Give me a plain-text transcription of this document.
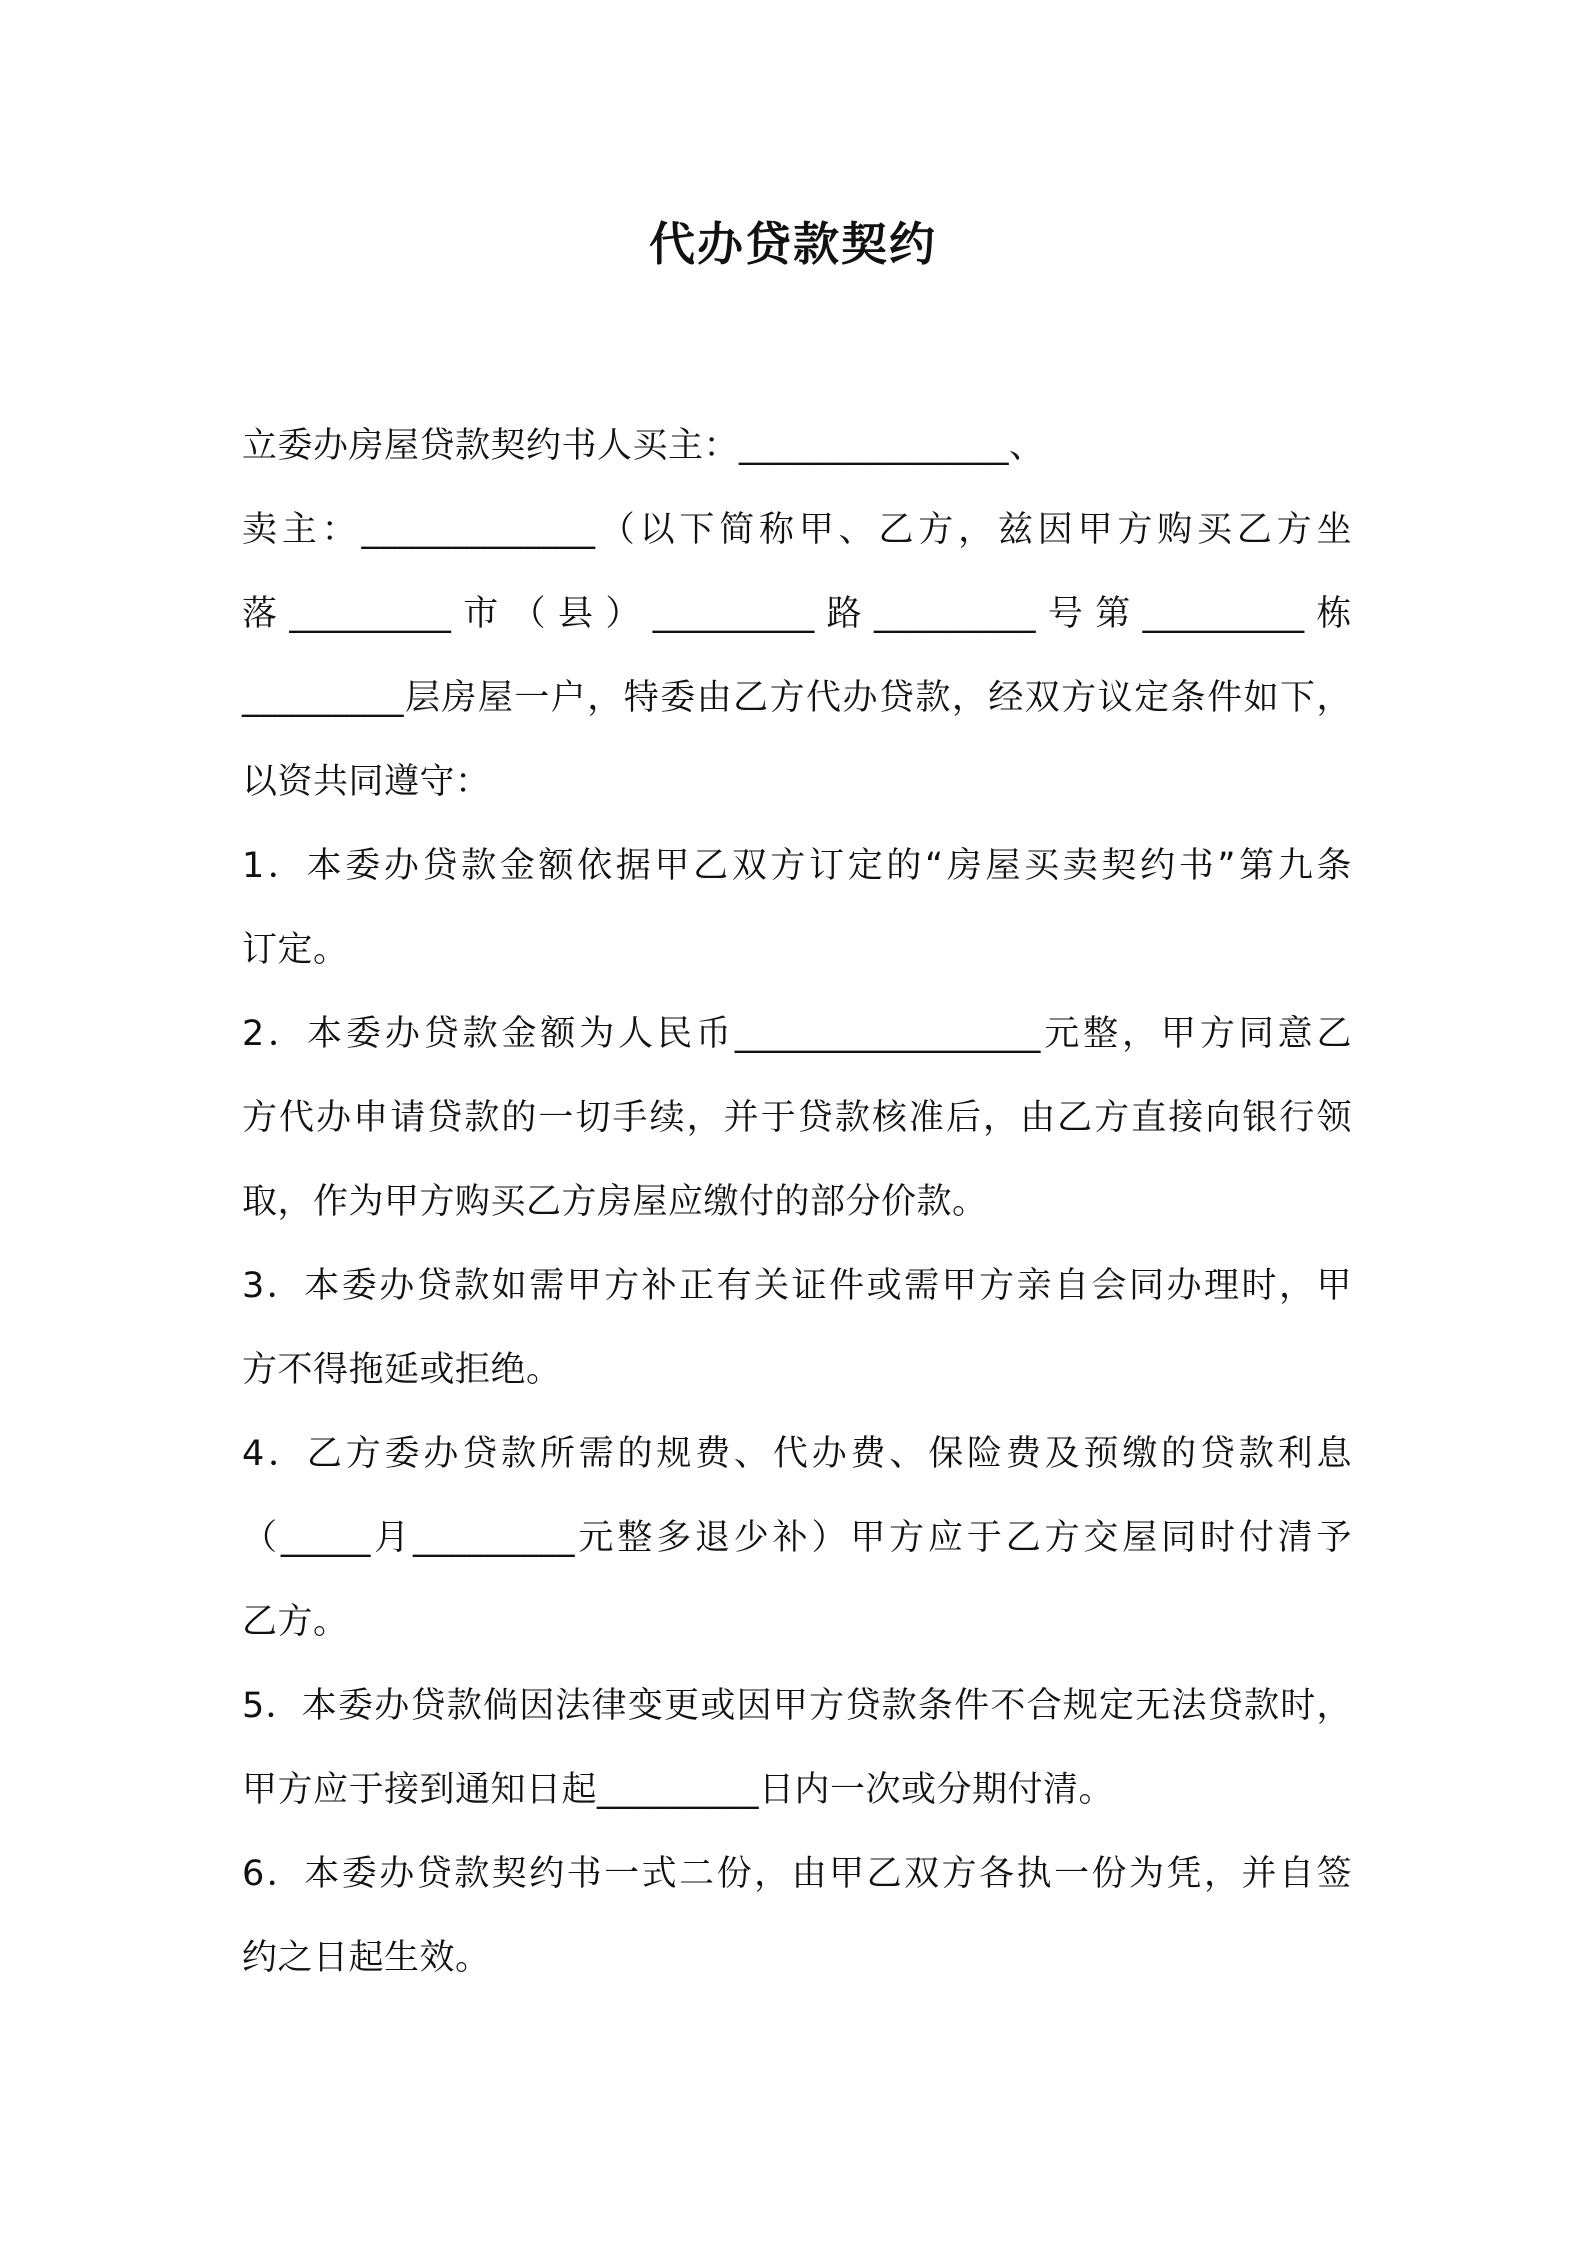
代办贷款契约
立委办房屋贷款契约书人买主：_______________、
卖主：_____________（以下简称甲、乙方，兹因甲方购买乙方坐
落_________市（县）_________路_________号第_________栋
_________层房屋一户，特委由乙方代办贷款，经双方议定条件如下，
以资共同遵守：
1．本委办贷款金额依据甲乙双方订定的“房屋买卖契约书”第九条
订定。
2．本委办贷款金额为人民币_________________元整，甲方同意乙
方代办申请贷款的一切手续，并于贷款核准后，由乙方直接向银行领
取，作为甲方购买乙方房屋应缴付的部分价款。
3．本委办贷款如需甲方补正有关证件或需甲方亲自会同办理时，甲
方不得拖延或拒绝。
4．乙方委办贷款所需的规费、代办费、保险费及预缴的贷款利息
（_____月_________元整多退少补）甲方应于乙方交屋同时付清予
乙方。
5．本委办贷款倘因法律变更或因甲方贷款条件不合规定无法贷款时，
甲方应于接到通知日起_________日内一次或分期付清。
6．本委办贷款契约书一式二份，由甲乙双方各执一份为凭，并自签
约之日起生效。
